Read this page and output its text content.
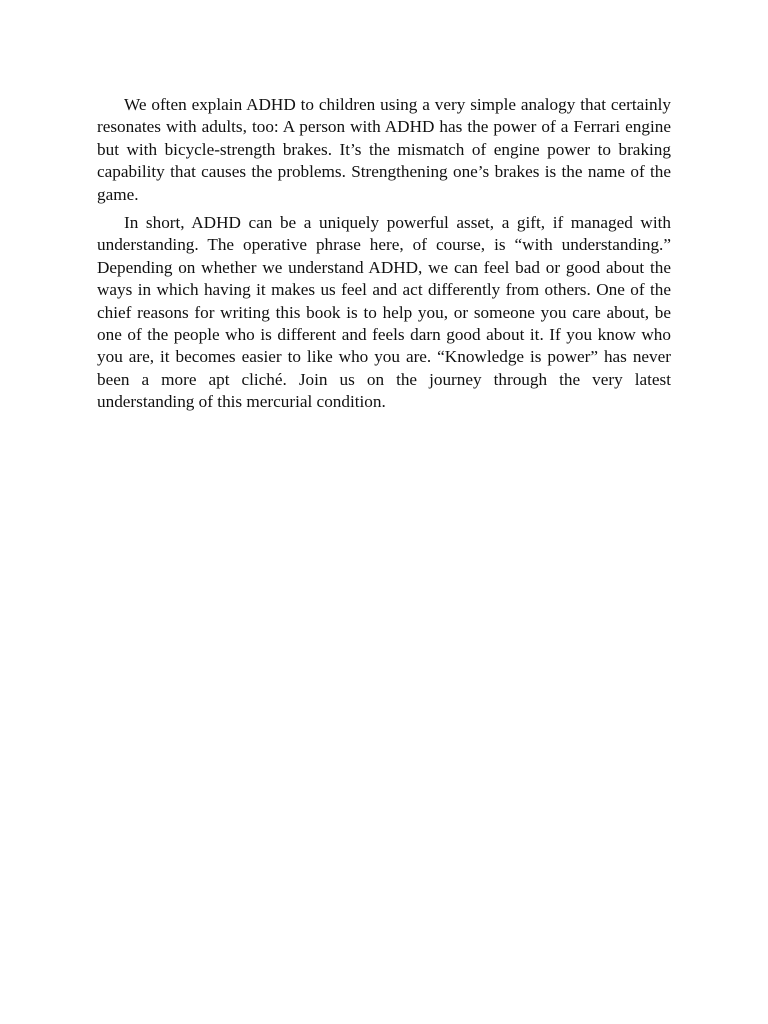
We often explain ADHD to children using a very simple analogy that certainly resonates with adults, too: A person with ADHD has the power of a Ferrari engine but with bicycle-strength brakes. It’s the mismatch of engine power to braking capability that causes the problems. Strengthening one’s brakes is the name of the game.

In short, ADHD can be a uniquely powerful asset, a gift, if managed with understanding. The operative phrase here, of course, is “with understanding.” Depending on whether we understand ADHD, we can feel bad or good about the ways in which having it makes us feel and act differently from others. One of the chief reasons for writing this book is to help you, or someone you care about, be one of the people who is different and feels darn good about it. If you know who you are, it becomes easier to like who you are. “Knowledge is power” has never been a more apt cliché. Join us on the journey through the very latest understanding of this mercurial condition.
